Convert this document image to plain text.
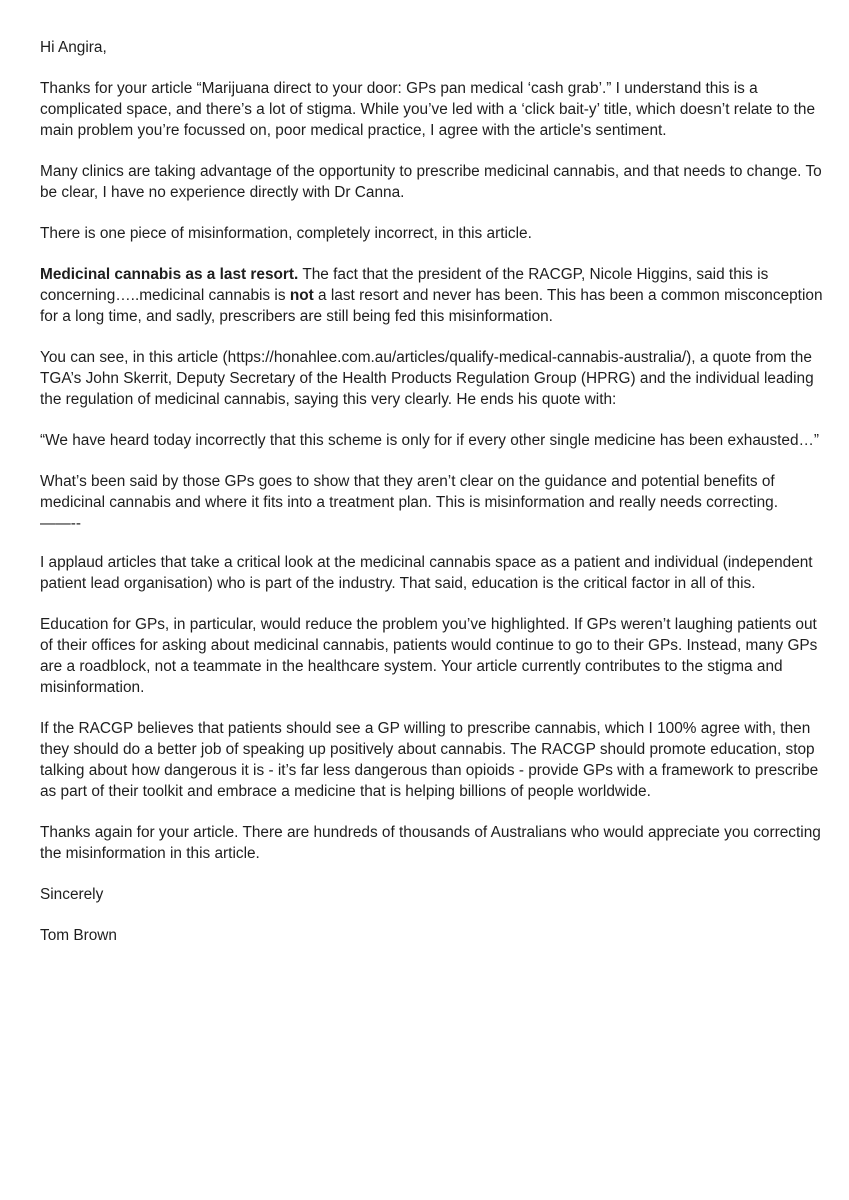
Hi Angira,

Thanks for your article “Marijuana direct to your door: GPs pan medical ‘cash grab’.” I understand this is a complicated space, and there’s a lot of stigma. While you’ve led with a ‘click bait-y’ title, which doesn’t relate to the main problem you’re focussed on, poor medical practice, I agree with the article's sentiment.

Many clinics are taking advantage of the opportunity to prescribe medicinal cannabis, and that needs to change. To be clear, I have no experience directly with Dr Canna.

There is one piece of misinformation, completely incorrect, in this article.

Medicinal cannabis as a last resort. The fact that the president of the RACGP, Nicole Higgins, said this is concerning…..medicinal cannabis is not a last resort and never has been. This has been a common misconception for a long time, and sadly, prescribers are still being fed this misinformation.

You can see, in this article (https://honahlee.com.au/articles/qualify-medical-cannabis-australia/), a quote from the TGA’s John Skerrit, Deputy Secretary of the Health Products Regulation Group (HPRG) and the individual leading the regulation of medicinal cannabis, saying this very clearly. He ends his quote with:

“We have heard today incorrectly that this scheme is only for if every other single medicine has been exhausted…”

What’s been said by those GPs goes to show that they aren’t clear on the guidance and potential benefits of medicinal cannabis and where it fits into a treatment plan. This is misinformation and really needs correcting.
——--

I applaud articles that take a critical look at the medicinal cannabis space as a patient and individual (independent patient lead organisation) who is part of the industry. That said, education is the critical factor in all of this.

Education for GPs, in particular, would reduce the problem you’ve highlighted. If GPs weren’t laughing patients out of their offices for asking about medicinal cannabis, patients would continue to go to their GPs. Instead, many GPs are a roadblock, not a teammate in the healthcare system. Your article currently contributes to the stigma and misinformation.

If the RACGP believes that patients should see a GP willing to prescribe cannabis, which I 100% agree with, then they should do a better job of speaking up positively about cannabis. The RACGP should promote education, stop talking about how dangerous it is - it’s far less dangerous than opioids - provide GPs with a framework to prescribe as part of their toolkit and embrace a medicine that is helping billions of people worldwide.

Thanks again for your article. There are hundreds of thousands of Australians who would appreciate you correcting the misinformation in this article.

Sincerely

Tom Brown
